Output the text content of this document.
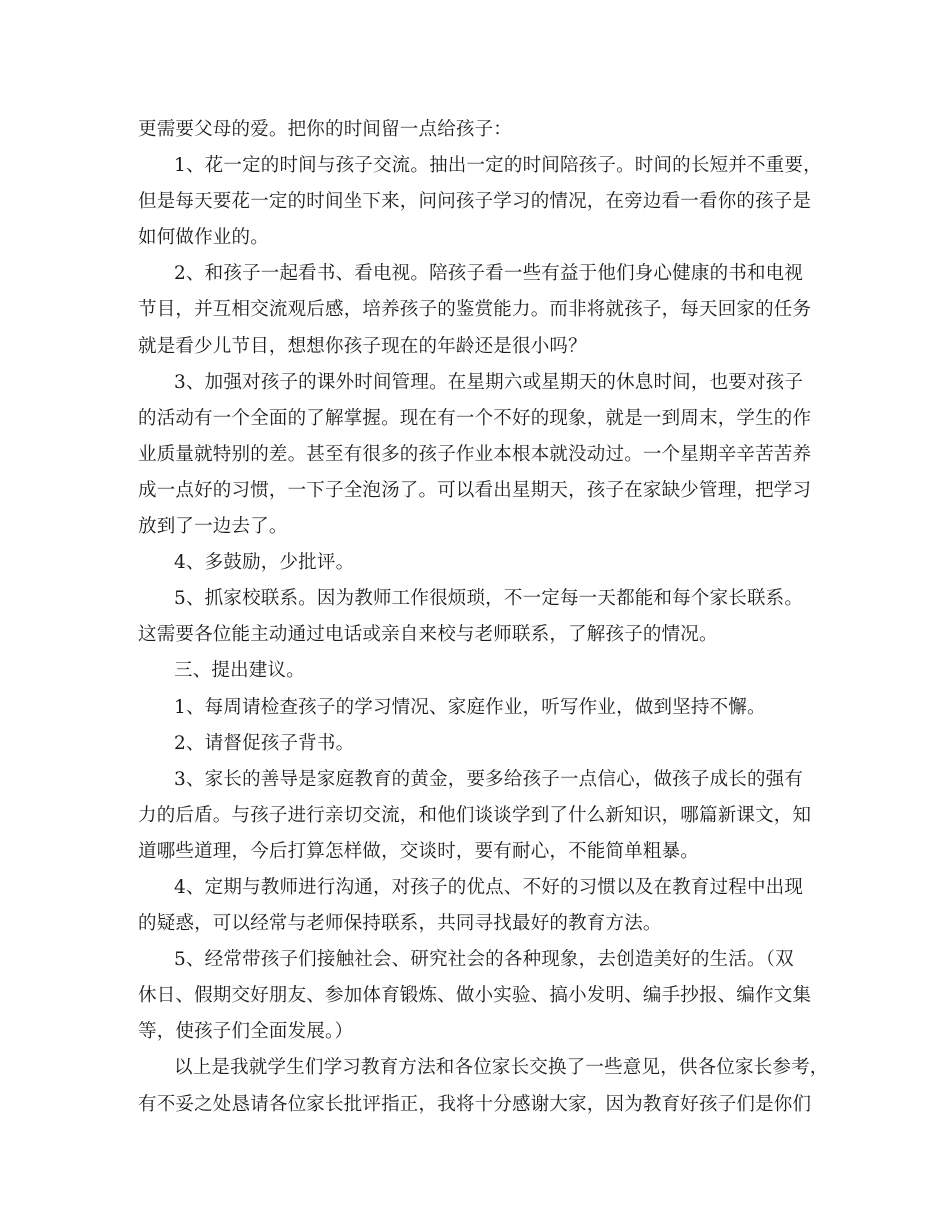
更需要父母的爱。把你的时间留一点给孩子：
1、花一定的时间与孩子交流。抽出一定的时间陪孩子。时间的长短并不重要，
但是每天要花一定的时间坐下来，问问孩子学习的情况，在旁边看一看你的孩子是
如何做作业的。
2、和孩子一起看书、看电视。陪孩子看一些有益于他们身心健康的书和电视
节目，并互相交流观后感，培养孩子的鉴赏能力。而非将就孩子，每天回家的任务
就是看少儿节目，想想你孩子现在的年龄还是很小吗？
3、加强对孩子的课外时间管理。在星期六或星期天的休息时间，也要对孩子
的活动有一个全面的了解掌握。现在有一个不好的现象，就是一到周末，学生的作
业质量就特别的差。甚至有很多的孩子作业本根本就没动过。一个星期辛辛苦苦养
成一点好的习惯，一下子全泡汤了。可以看出星期天，孩子在家缺少管理，把学习
放到了一边去了。
4、多鼓励，少批评。
5、抓家校联系。因为教师工作很烦琐，不一定每一天都能和每个家长联系。
这需要各位能主动通过电话或亲自来校与老师联系，了解孩子的情况。
三、提出建议。
1、每周请检查孩子的学习情况、家庭作业，听写作业，做到坚持不懈。
2、请督促孩子背书。
3、家长的善导是家庭教育的黄金，要多给孩子一点信心，做孩子成长的强有
力的后盾。与孩子进行亲切交流，和他们谈谈学到了什么新知识，哪篇新课文，知
道哪些道理，今后打算怎样做，交谈时，要有耐心，不能简单粗暴。
4、定期与教师进行沟通，对孩子的优点、不好的习惯以及在教育过程中出现
的疑惑，可以经常与老师保持联系，共同寻找最好的教育方法。
5、经常带孩子们接触社会、研究社会的各种现象，去创造美好的生活。（双
休日、假期交好朋友、参加体育锻炼、做小实验、搞小发明、编手抄报、编作文集
等，使孩子们全面发展。）
以上是我就学生们学习教育方法和各位家长交换了一些意见，供各位家长参考，
有不妥之处恳请各位家长批评指正，我将十分感谢大家，因为教育好孩子们是你们
